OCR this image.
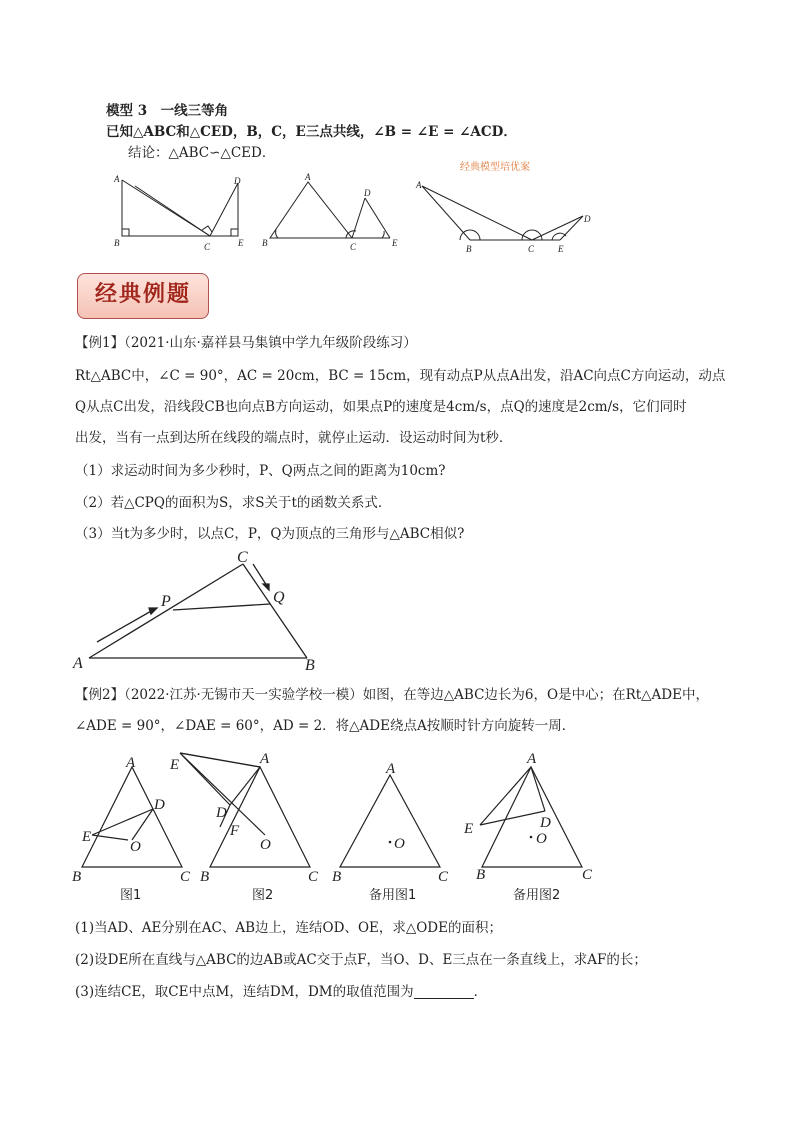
模型 3　一线三等角
已知△ABC和△CED，B，C，E三点共线，∠B = ∠E = ∠ACD．
结论：△ABC∽△CED．
经典模型培优案
A	D
B	C	E
A
D
B	C	E
A
D
B	C	E
经典例题
【例1】（2021·山东·嘉祥县马集镇中学九年级阶段练习）
Rt△ABC中，∠C = 90°，AC = 20cm，BC = 15cm，现有动点P从点A出发，沿AC向点C方向运动，动点
Q从点C出发，沿线段CB也向点B方向运动，如果点P的速度是4cm/s，点Q的速度是2cm/s，它们同时
出发，当有一点到达所在线段的端点时，就停止运动．设运动时间为t秒．
（1）求运动时间为多少秒时，P、Q两点之间的距离为10cm?
（2）若△CPQ的面积为S，求S关于t的函数关系式．
（3）当t为多少时，以点C，P，Q为顶点的三角形与△ABC相似?
A	B
C
P	Q
【例2】（2022·江苏·无锡市天一实验学校一模）如图，在等边△ABC边长为6，O是中心；在Rt△ADE中，
∠ADE = 90°，∠DAE = 60°，AD = 2．将△ADE绕点A按顺时针方向旋转一周．
A
B	C
D
E
O
A
B	C
D
E
F
O
A
B	C
O
A
B	C
D
E
O
图1	图2	备用图1	备用图2
(1)当AD、AE分别在AC、AB边上，连结OD、OE，求△ODE的面积；
(2)设DE所在直线与△ABC的边AB或AC交于点F，当O、D、E三点在一条直线上，求AF的长；
(3)连结CE，取CE中点M，连结DM，DM的取值范围为	．
